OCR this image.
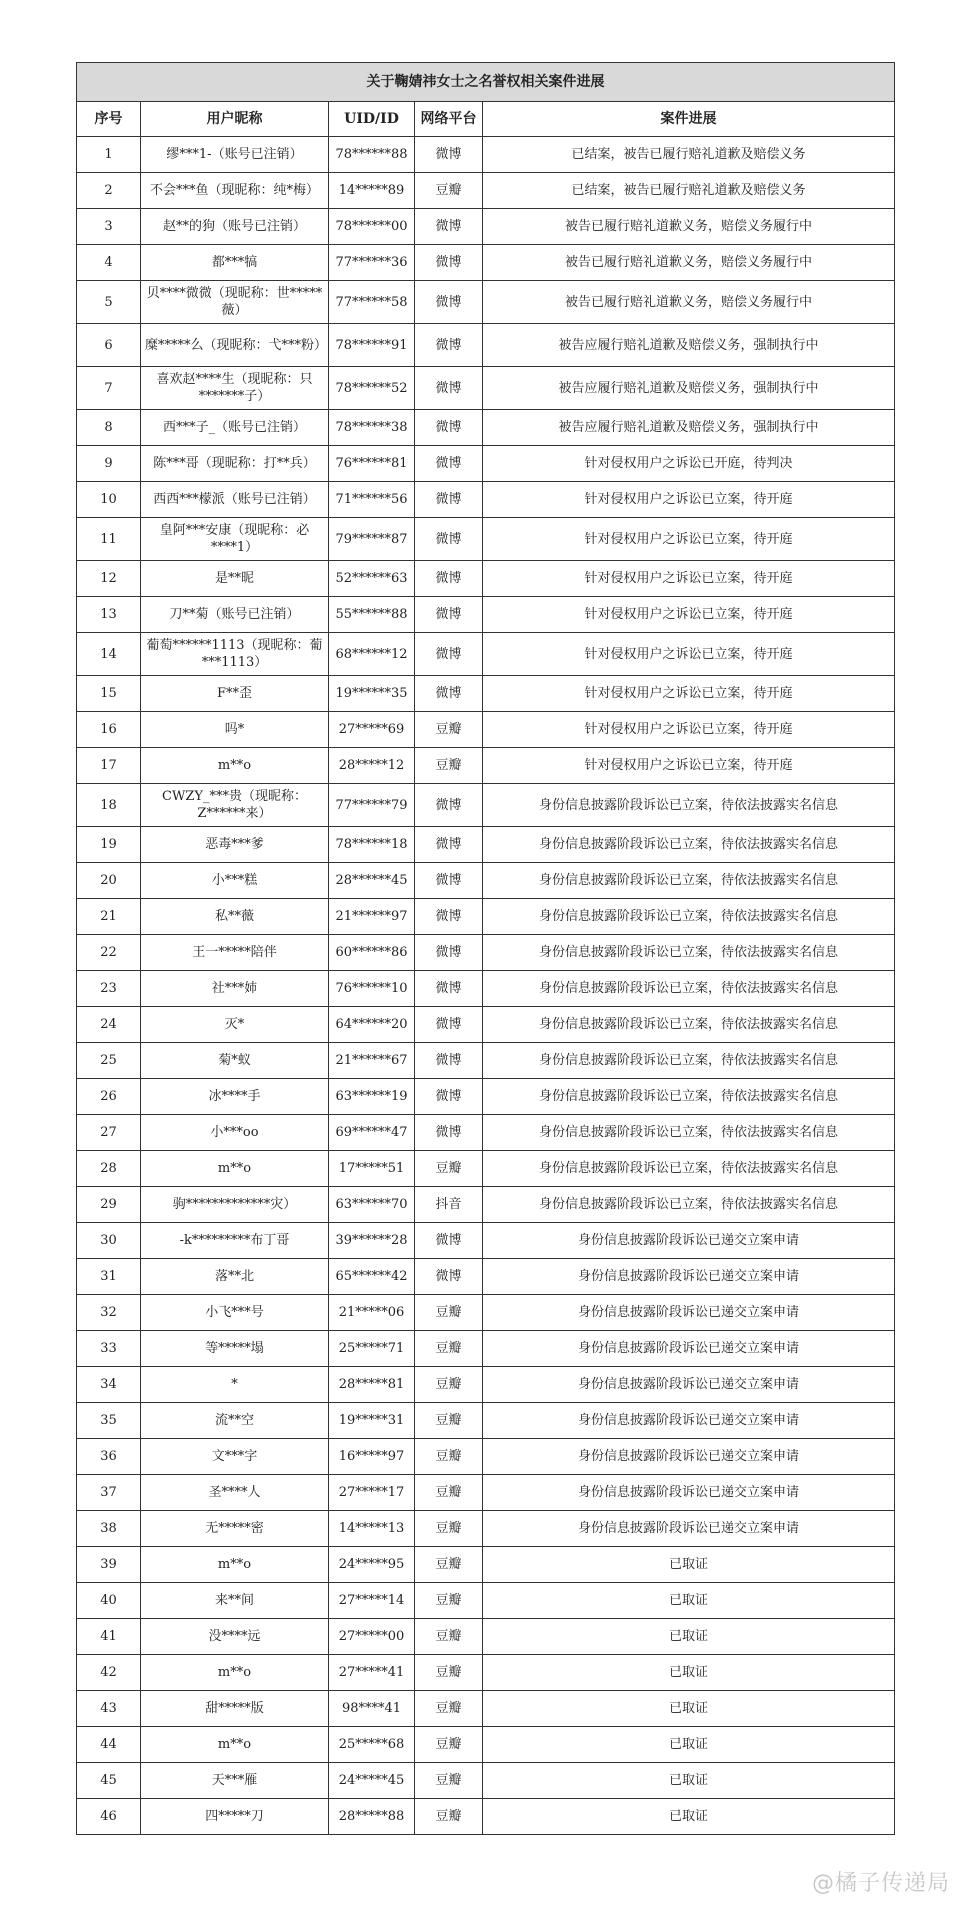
关于鞠婧祎女士之名誉权相关案件进展				
序号	用户昵称	UID/ID	网络平台	案件进展
1	缪***1-（账号已注销）	78******88	微博	已结案，被告已履行赔礼道歉及赔偿义务
2	不会***鱼（现昵称：纯*梅）	14*****89	豆瓣	已结案，被告已履行赔礼道歉及赔偿义务
3	赵**的狗（账号已注销）	78******00	微博	被告已履行赔礼道歉义务，赔偿义务履行中
4	都***犒	77******36	微博	被告已履行赔礼道歉义务，赔偿义务履行中
5	贝****微微（现昵称：世*****薇）	77******58	微博	被告已履行赔礼道歉义务，赔偿义务履行中
6	糜*****么（现昵称：弋***粉）	78******91	微博	被告应履行赔礼道歉及赔偿义务，强制执行中
7	喜欢赵****生（现昵称：只*******子）	78******52	微博	被告应履行赔礼道歉及赔偿义务，强制执行中
8	西***子_（账号已注销）	78******38	微博	被告应履行赔礼道歉及赔偿义务，强制执行中
9	陈***哥（现昵称：打**兵）	76******81	微博	针对侵权用户之诉讼已开庭，待判决
10	西西***檬派（账号已注销）	71******56	微博	针对侵权用户之诉讼已立案，待开庭
11	皇阿***安康（现昵称：必****1）	79******87	微博	针对侵权用户之诉讼已立案，待开庭
12	是**昵	52******63	微博	针对侵权用户之诉讼已立案，待开庭
13	刀**菊（账号已注销）	55******88	微博	针对侵权用户之诉讼已立案，待开庭
14	葡萄******1113（现昵称：葡***1113）	68******12	微博	针对侵权用户之诉讼已立案，待开庭
15	F**歪	19******35	微博	针对侵权用户之诉讼已立案，待开庭
16	吗*	27*****69	豆瓣	针对侵权用户之诉讼已立案，待开庭
17	m**o	28*****12	豆瓣	针对侵权用户之诉讼已立案，待开庭
18	CWZY_***贵（现昵称：Z******来）	77******79	微博	身份信息披露阶段诉讼已立案，待依法披露实名信息
19	恶毒***爹	78******18	微博	身份信息披露阶段诉讼已立案，待依法披露实名信息
20	小***糕	28******45	微博	身份信息披露阶段诉讼已立案，待依法披露实名信息
21	私**薇	21******97	微博	身份信息披露阶段诉讼已立案，待依法披露实名信息
22	王一*****陪伴	60******86	微博	身份信息披露阶段诉讼已立案，待依法披露实名信息
23	社***姉	76******10	微博	身份信息披露阶段诉讼已立案，待依法披露实名信息
24	灭*	64******20	微博	身份信息披露阶段诉讼已立案，待依法披露实名信息
25	菊*蚁	21******67	微博	身份信息披露阶段诉讼已立案，待依法披露实名信息
26	冰****手	63******19	微博	身份信息披露阶段诉讼已立案，待依法披露实名信息
27	小***oo	69******47	微博	身份信息披露阶段诉讼已立案，待依法披露实名信息
28	m**o	17*****51	豆瓣	身份信息披露阶段诉讼已立案，待依法披露实名信息
29	驹*************灾）	63******70	抖音	身份信息披露阶段诉讼已立案，待依法披露实名信息
30	-k*********布丁哥	39******28	微博	身份信息披露阶段诉讼已递交立案申请
31	落**北	65******42	微博	身份信息披露阶段诉讼已递交立案申请
32	小飞***号	21*****06	豆瓣	身份信息披露阶段诉讼已递交立案申请
33	等*****塌	25*****71	豆瓣	身份信息披露阶段诉讼已递交立案申请
34	*	28*****81	豆瓣	身份信息披露阶段诉讼已递交立案申请
35	流**空	19*****31	豆瓣	身份信息披露阶段诉讼已递交立案申请
36	文***字	16*****97	豆瓣	身份信息披露阶段诉讼已递交立案申请
37	圣****人	27*****17	豆瓣	身份信息披露阶段诉讼已递交立案申请
38	无*****密	14*****13	豆瓣	身份信息披露阶段诉讼已递交立案申请
39	m**o	24*****95	豆瓣	已取证
40	来**间	27*****14	豆瓣	已取证
41	没****远	27*****00	豆瓣	已取证
42	m**o	27*****41	豆瓣	已取证
43	甜*****版	98****41	豆瓣	已取证
44	m**o	25*****68	豆瓣	已取证
45	天***雁	24*****45	豆瓣	已取证
46	四*****刀	28*****88	豆瓣	已取证
@橘子传递局
